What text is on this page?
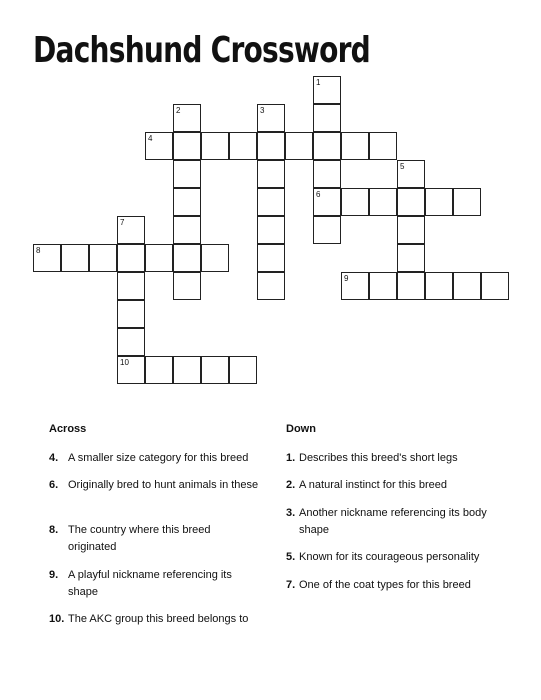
Dachshund Crossword
1
2	3
4
5
6
7
8
9
10
Across	Down
4. A smaller size category for this breed
6. Originally bred to hunt animals in these
8. The country where this breed originated
9. A playful nickname referencing its shape
10. The AKC group this breed belongs to
1. Describes this breed's short legs
2. A natural instinct for this breed
3. Another nickname referencing its body shape
5. Known for its courageous personality
7. One of the coat types for this breed
